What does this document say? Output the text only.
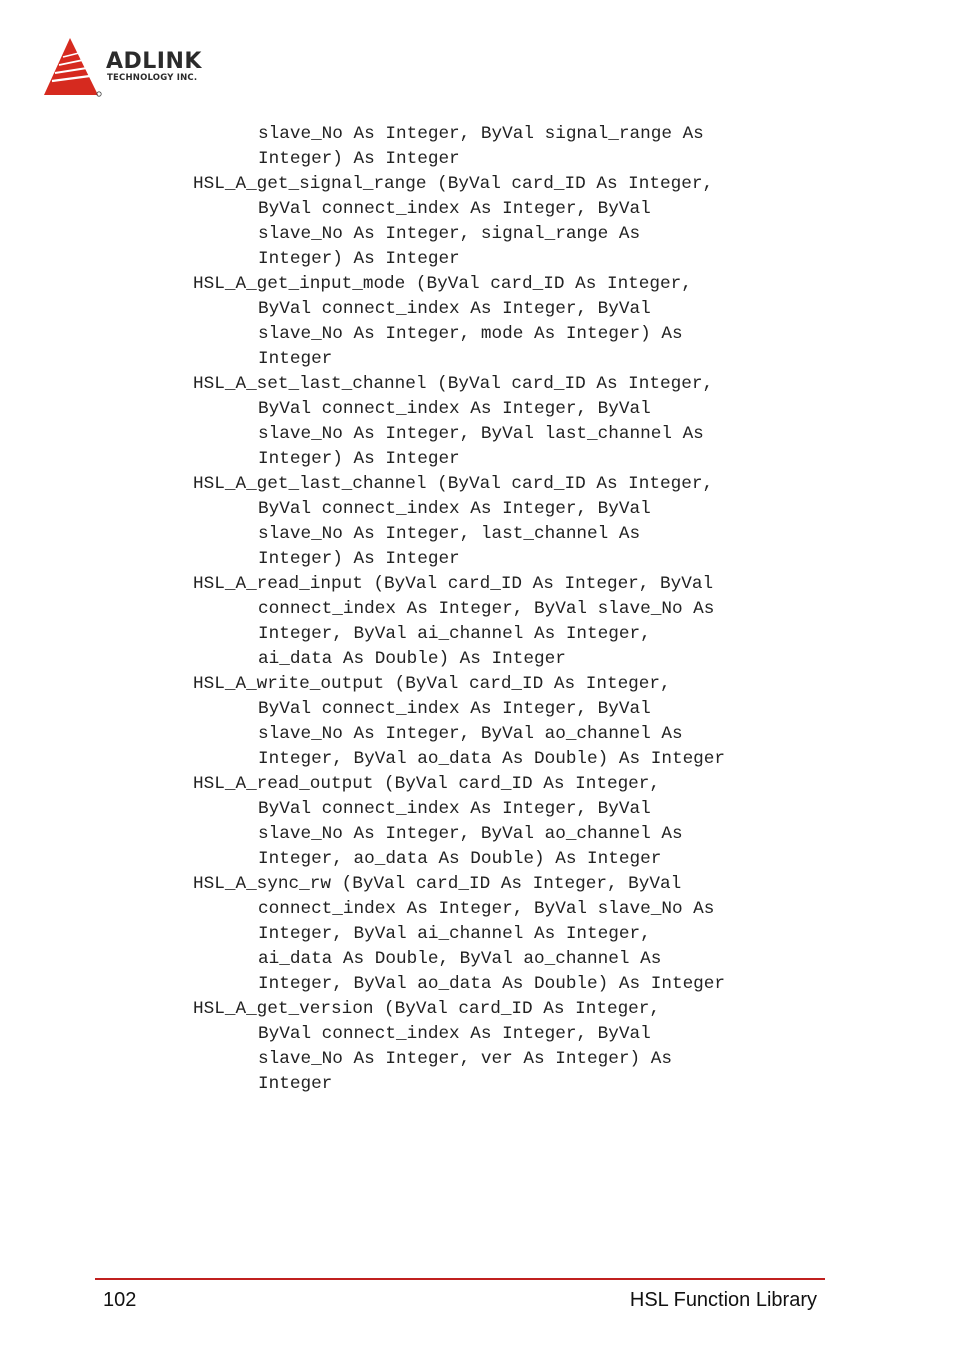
ADLINK
TECHNOLOGY INC.
slave_No As Integer, ByVal signal_range As
Integer) As Integer
HSL_A_get_signal_range (ByVal card_ID As Integer,
ByVal connect_index As Integer, ByVal
slave_No As Integer, signal_range As
Integer) As Integer
HSL_A_get_input_mode (ByVal card_ID As Integer,
ByVal connect_index As Integer, ByVal
slave_No As Integer, mode As Integer) As
Integer
HSL_A_set_last_channel (ByVal card_ID As Integer,
ByVal connect_index As Integer, ByVal
slave_No As Integer, ByVal last_channel As
Integer) As Integer
HSL_A_get_last_channel (ByVal card_ID As Integer,
ByVal connect_index As Integer, ByVal
slave_No As Integer, last_channel As
Integer) As Integer
HSL_A_read_input (ByVal card_ID As Integer, ByVal
connect_index As Integer, ByVal slave_No As
Integer, ByVal ai_channel As Integer,
ai_data As Double) As Integer
HSL_A_write_output (ByVal card_ID As Integer,
ByVal connect_index As Integer, ByVal
slave_No As Integer, ByVal ao_channel As
Integer, ByVal ao_data As Double) As Integer
HSL_A_read_output (ByVal card_ID As Integer,
ByVal connect_index As Integer, ByVal
slave_No As Integer, ByVal ao_channel As
Integer, ao_data As Double) As Integer
HSL_A_sync_rw (ByVal card_ID As Integer, ByVal
connect_index As Integer, ByVal slave_No As
Integer, ByVal ai_channel As Integer,
ai_data As Double, ByVal ao_channel As
Integer, ByVal ao_data As Double) As Integer
HSL_A_get_version (ByVal card_ID As Integer,
ByVal connect_index As Integer, ByVal
slave_No As Integer, ver As Integer) As
Integer
102	HSL Function Library
